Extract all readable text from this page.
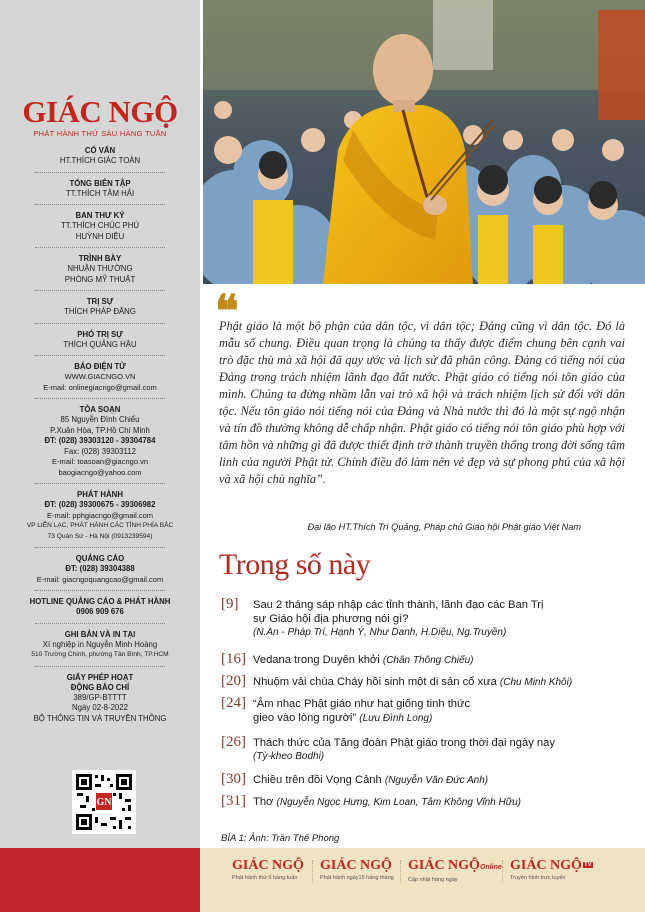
GIÁC NGỘ
PHÁT HÀNH THỨ SÁU HÀNG TUẦN
CỐ VẤN
HT.THÍCH GIÁC TOÀN
TỔNG BIÊN TẬP
TT.THÍCH TÂM HẢI
BAN THƯ KÝ
TT.THÍCH CHÚC PHÚ
HUỲNH DIỆU
TRÌNH BÀY
NHUẬN THƯỜNG
PHÒNG MỸ THUẬT
TRỊ SỰ
THÍCH PHÁP ĐĂNG
PHÓ TRỊ SỰ
THÍCH QUẢNG HẬU
BÁO ĐIỆN TỬ
WWW.GIACNGO.VN
E-mail: onlinegiacngo@gmail.com
TÒA SOẠN
85 Nguyễn Đình Chiểu
P.Xuân Hòa, TP.Hồ Chí Minh
ĐT: (028) 39303120 - 39304784
Fax: (028) 39303112
E-mail: toasoan@giacngo.vn
baogiacngo@yahoo.com
PHÁT HÀNH
ĐT: (028) 39300675 - 39306982
E-mail: pphgiacngo@gmail.com
VP LIÊN LẠC, PHÁT HÀNH CÁC TỈNH PHÍA BẮC
73 Quán Sứ - Hà Nội (0913239594)
QUẢNG CÁO
ĐT: (028) 39304388
E-mail: giacngoquangcao@gmail.com
HOTLINE QUẢNG CÁO & PHÁT HÀNH
0906 909 676
GHI BẢN VÀ IN TẠI
Xí nghiệp in Nguyễn Minh Hoàng
510 Trường Chinh, phường Tân Bình, TP.HCM
GIẤY PHÉP HOẠT ĐỘNG BÁO CHÍ
389/GP-BTTTT
Ngày 02-8-2022
BỘ THÔNG TIN VÀ TRUYỀN THÔNG
GN
❝
Phật giáo là một bộ phận của dân tộc, vì dân tộc; Đảng cũng vì dân tộc. Đó là mẫu số chung. Điều quan trọng là chúng ta thấy được điểm chung bên cạnh vai trò đặc thù mà xã hội đã quy ước và lịch sử đã phân công. Đảng có tiếng nói của Đảng trong trách nhiệm lãnh đạo đất nước. Phật giáo có tiếng nói tôn giáo của mình. Chúng ta đừng nhầm lẫn vai trò xã hội và trách nhiệm lịch sử đối với dân tộc. Nếu tôn giáo nói tiếng nói của Đảng và Nhà nước thì đó là một sự ngộ nhận và tín đồ thường không dễ chấp nhận. Phật giáo có tiếng nói tôn giáo phù hợp với tâm hồn và những gì đã được thiết định trở thành truyền thống trong đời sống tâm linh của người Phật tử. Chính điều đó làm nên vẻ đẹp và sự phong phú của xã hội và xã hội chủ nghĩa”.
Đại lão HT.Thích Trí Quảng, Pháp chủ Giáo hội Phật giáo Việt Nam
Trong số này
[9] Sau 2 tháng sáp nhập các tỉnh thành, lãnh đạo các Ban Trị sự Giáo hội địa phương nói gì?
(N.An - Pháp Trí, Hạnh Ý, Như Danh, H.Diệu, Ng.Truyền)
[16] Vedana trong Duyên khởi (Chân Thông Chiếu)
[20] Nhuộm vải chùa Cháy hồi sinh một di sản cổ xưa (Chu Minh Khôi)
[24] “Âm nhạc Phật giáo như hạt giống tinh thức gieo vào lòng người” (Lưu Đình Long)
[26] Thách thức của Tăng đoàn Phật giáo trong thời đại ngày nay
(Tỳ-kheo Bodhi)
[30] Chiều trên đồi Vọng Cảnh (Nguyễn Văn Đức Anh)
[31] Thơ (Nguyễn Ngọc Hưng, Kim Loan, Tâm Không Vĩnh Hữu)
BÌA 1: Ảnh: Trần Thế Phong
GIÁC NGỘ
Phát hành thứ 6 hàng tuần
GIÁC NGỘ
Phát hành ngày15 hàng tháng
GIÁC NGỘOnline
Cập nhật hàng ngày
GIÁC NGỘ $^{TV}$
Truyền hình trực tuyến
